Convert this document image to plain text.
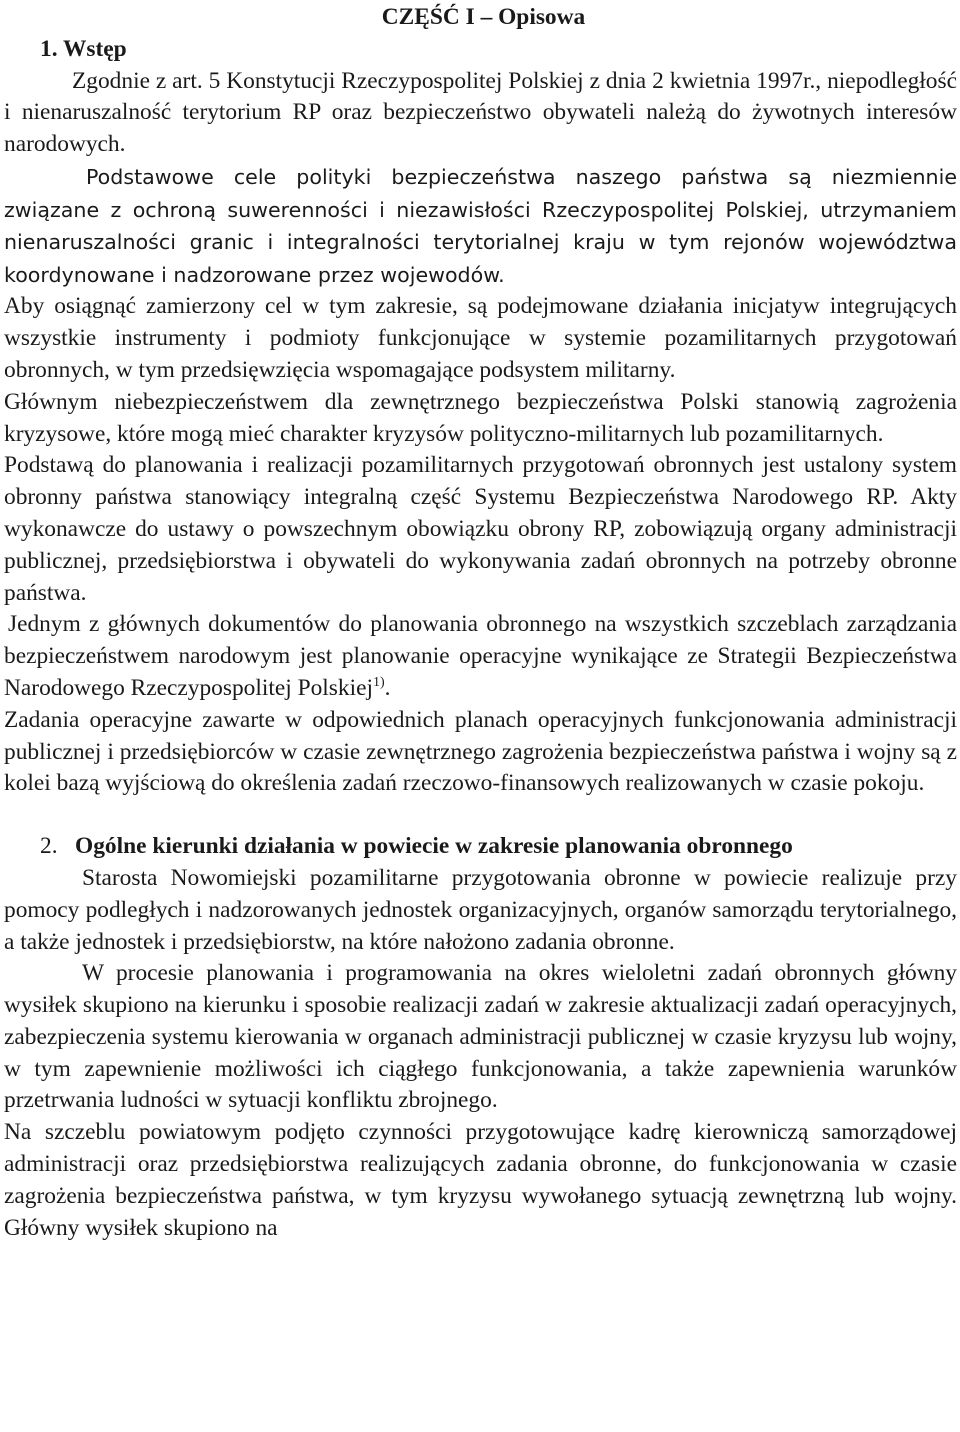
CZĘŚĆ I – Opisowa
1. Wstęp

Zgodnie z art. 5 Konstytucji Rzeczypospolitej Polskiej z dnia 2 kwietnia 1997r., niepodległość i nienaruszalność terytorium RP oraz bezpieczeństwo obywateli należą do żywotnych interesów narodowych.

Podstawowe cele polityki bezpieczeństwa naszego państwa są niezmiennie związane z ochroną suwerenności i niezawisłości Rzeczypospolitej Polskiej, utrzymaniem nienaruszalności granic i integralności terytorialnej kraju w tym rejonów województwa koordynowane i nadzorowane przez wojewodów.

Aby osiągnąć zamierzony cel w tym zakresie, są podejmowane działania inicjatyw integrujących wszystkie instrumenty i podmioty funkcjonujące w systemie pozamilitarnych przygotowań obronnych, w tym przedsięwzięcia wspomagające podsystem militarny.

Głównym niebezpieczeństwem dla zewnętrznego bezpieczeństwa Polski stanowią zagrożenia kryzysowe, które mogą mieć charakter kryzysów polityczno-militarnych lub pozamilitarnych.

Podstawą do planowania i realizacji pozamilitarnych przygotowań obronnych jest ustalony system obronny państwa stanowiący integralną część Systemu Bezpieczeństwa Narodowego RP. Akty wykonawcze do ustawy o powszechnym obowiązku obrony RP, zobowiązują organy administracji publicznej, przedsiębiorstwa i obywateli do wykonywania zadań obronnych na potrzeby obronne państwa.

Jednym z głównych dokumentów do planowania obronnego na wszystkich szczeblach zarządzania bezpieczeństwem narodowym jest planowanie operacyjne wynikające ze Strategii Bezpieczeństwa Narodowego Rzeczypospolitej Polskiej$^{1)}$.

Zadania operacyjne zawarte w odpowiednich planach operacyjnych funkcjonowania administracji publicznej i przedsiębiorców w czasie zewnętrznego zagrożenia bezpieczeństwa państwa i wojny są z kolei bazą wyjściową do określenia zadań rzeczowo-finansowych realizowanych w czasie pokoju.

2. Ogólne kierunki działania w powiecie w zakresie planowania obronnego

Starosta Nowomiejski pozamilitarne przygotowania obronne w powiecie realizuje przy pomocy podległych i nadzorowanych jednostek organizacyjnych, organów samorządu terytorialnego, a także jednostek i przedsiębiorstw, na które nałożono zadania obronne.

W procesie planowania i programowania na okres wieloletni zadań obronnych główny wysiłek skupiono na kierunku i sposobie realizacji zadań w zakresie aktualizacji zadań operacyjnych, zabezpieczenia systemu kierowania w organach administracji publicznej w czasie kryzysu lub wojny, w tym zapewnienie możliwości ich ciągłego funkcjonowania, a także zapewnienia warunków przetrwania ludności w sytuacji konfliktu zbrojnego.

Na szczeblu powiatowym podjęto czynności przygotowujące kadrę kierowniczą samorządowej administracji oraz przedsiębiorstwa realizujących zadania obronne, do funkcjonowania w czasie zagrożenia bezpieczeństwa państwa, w tym kryzysu wywołanego sytuacją zewnętrzną lub wojny. Główny wysiłek skupiono na
